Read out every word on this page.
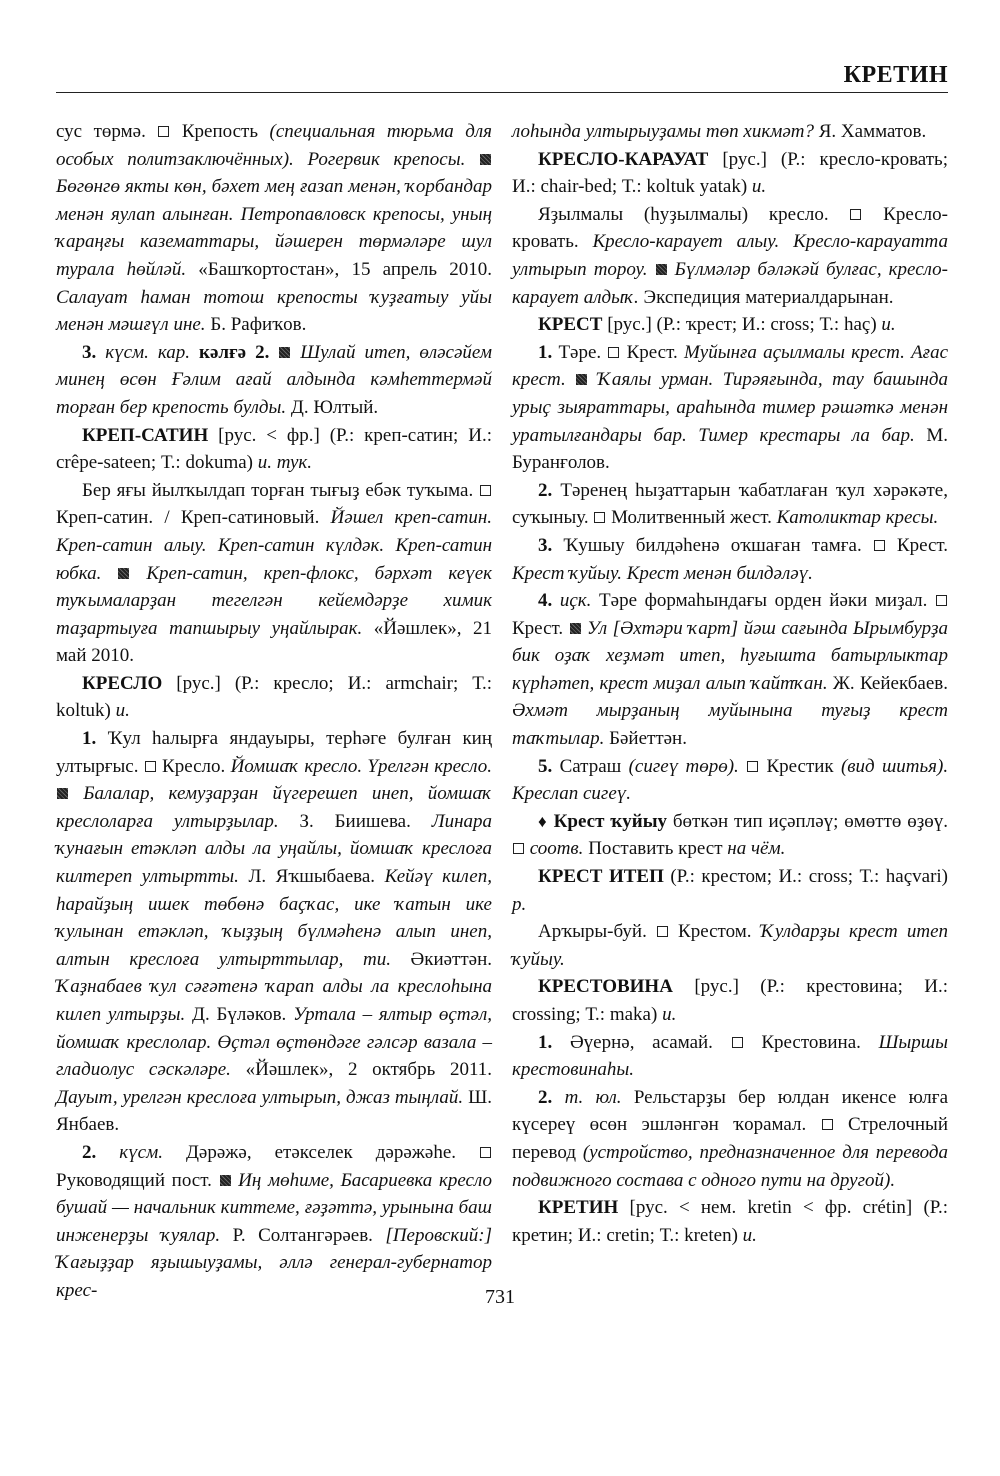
КРЕТИН

сус төрмә. Крепость (специальная тюрьма для особых политзаключённых). Рогервик крепосы.  Бөгөнгө якты көн, бәхет мең ғазап менән, ҡорбандар менән яулап алынған. Петропавловск крепосы, уның ҡараңғы казематтары, йәшерен төрмәләре шул турала һөйләй. «Башҡортостан», 15 апрель 2010. Салауат һаман тотош крепосты ҡуҙғатыу уйы менән мәшғүл ине. Б. Рафиҡов.

3. күсм. кар. кәлғә 2. Шулай итеп, өләсәйем минең өсөн Ғәлим ағай алдында кәмһеттермәй торған бер крепость булды. Д. Юлтый.

КРЕП-САТИН [рус. < фр.] (Р.: креп-сатин; И.: crêpe-sateen; Т.: dokuma) и. тук.

Бер яғы йылҡылдап торған тығыҙ ебәк туҡыма.  Креп-сатин. / Креп-сатиновый. Йәшел креп-сатин. Креп-сатин алыу. Креп-сатин күлдәк. Креп-сатин юбка. Креп-сатин, креп-флокс, бәрхәт кеүек туҡымаларҙан тегелгән кейемдәрҙе химик таҙартыуға тапшырыу уңайлырак. «Йәшлек», 21 май 2010.

КРЕСЛО [рус.] (Р.: кресло; И.: armchair; Т.: koltuk) и.

1. Ҡул һалырға яндауыры, терһәге булған киң ултырғыс. Кресло. Йомшаҡ кресло. Үрелгән кресло.  Балалар, кемуҙарҙан йүгерешеп инеп, йомшаҡ креслоларға ултырҙылар. З. Биишева. Линара ҡунағын етәкләп алды ла уңайлы, йомшаҡ креслоға килтереп ултыртты. Л. Яҡшыбаева. Кейәү килеп, һарайҙың ишек төбөнә баҫҡас, ике ҡатын ике ҡулынан етәкләп, ҡыҙҙың бүлмәһенә алып инеп, алтын креслоға ултырттылар, ти. Әкиәттән. Ҡаҙнабаев ҡул сәғәтенә ҡарап алды ла креслоһына килеп ултырҙы. Д. Бүләков. Уртала – ялтыр өҫтәл, йомшаҡ креслолар. Өҫтәл өҫтөндәге гәлсәр вазала – гладиолус сәскәләре. «Йәшлек», 2 октябрь 2011. Дауыт, урелгән креслоға ултырып, джаз тыңлай. Ш. Янбаев.

2. күсм. Дәрәжә, етәкселек дәрәжәһе.  Руководящий пост. Иң мөһиме, Басариевка кресло бушай — начальник киттеме, ғәҙәттә, урынына баш инженерҙы ҡуялар. Р. Солтангәрәев. [Перовский:] Ҡағыҙҙар яҙышыуҙамы, әллә генерал-губернатор крес-

лоһында ултырыуҙамы төп хикмәт? Я. Хамматов.

КРЕСЛО-КАРАУАТ [рус.] (Р.: кресло-кровать; И.: chair-bed; Т.: koltuk yatak) и.

Яҙылмалы (һуҙылмалы) кресло.	Кресло-кровать. Кресло-караует алыу. Кресло-карауатта ултырып тороу. Бүлмәләр бәләкәй булғас, кресло-караует алдыҡ. Экспедиция материалдарынан.

КРЕСТ [рус.] (Р.: ҡрест; И.: cross; Т.: haç) и.

1. Тәре. Крест. Муйынға аҫылмалы крест. Ағас крест. Ҡаялы урман. Тирәяғында, тау башында урыҫ зыяраттары, араһында тимер рәшәткә менән уратылғандары бар. Тимер крестары ла бар. М. Буранғолов.

2. Тәренең һыҙаттарын ҡабатлаған ҡул хәрәкәте, суҡыныу. Молитвенный жест. Католиктар кресы.

3. Ҡушыу билдәһенә оҡшаған тамға. Крест. Крест ҡуйыу. Крест менән билдәләү.

4. иҫк. Тәре формаһындағы орден йәки миҙал.  Крест. Ул [Әхтәри ҡарт] йәш сағында Ырымбурҙа бик оҙаҡ хеҙмәт итеп, һуғышта батырлыктар күрһәтеп, крест миҙал алып ҡайтҡан. Ж. Кейекбаев. Әхмәт мырҙаның муйынына туғыҙ крест таҡтылар. Бәйеттән.

5. Сатраш (сигеү төрө). Крестик (вид шитья). Креслап сигеү.

♦ Крест ҡуйыу бөткән тип иҫәпләү; өмөттө өҙөү.  соотв. Поставить крест на чём.

КРЕСТ ИТЕП (Р.: крестом; И.: cross; Т.: haçvari) р.

Арҡыры-буй. Крестом. Ҡулдарҙы крест итеп ҡуйыу.

КРЕСТОВИНА [рус.] (Р.: крестовина; И.: crossing; Т.: maka) и.

1. Әүернә, асамай.	Крестовина. Шыршы крестовинаһы.

2. т. юл. Рельстарҙы бер юлдан икенсе юлға күсереү өсөн эшләнгән ҡорамал. Стрелочный перевод (устройство, предназначенное для перевода подвижного состава с одного пути на другой).

КРЕТИН [рус. < нем. kretin < фр. crétin] (Р.: кретин; И.: cretin; Т.: kreten) и.

731
